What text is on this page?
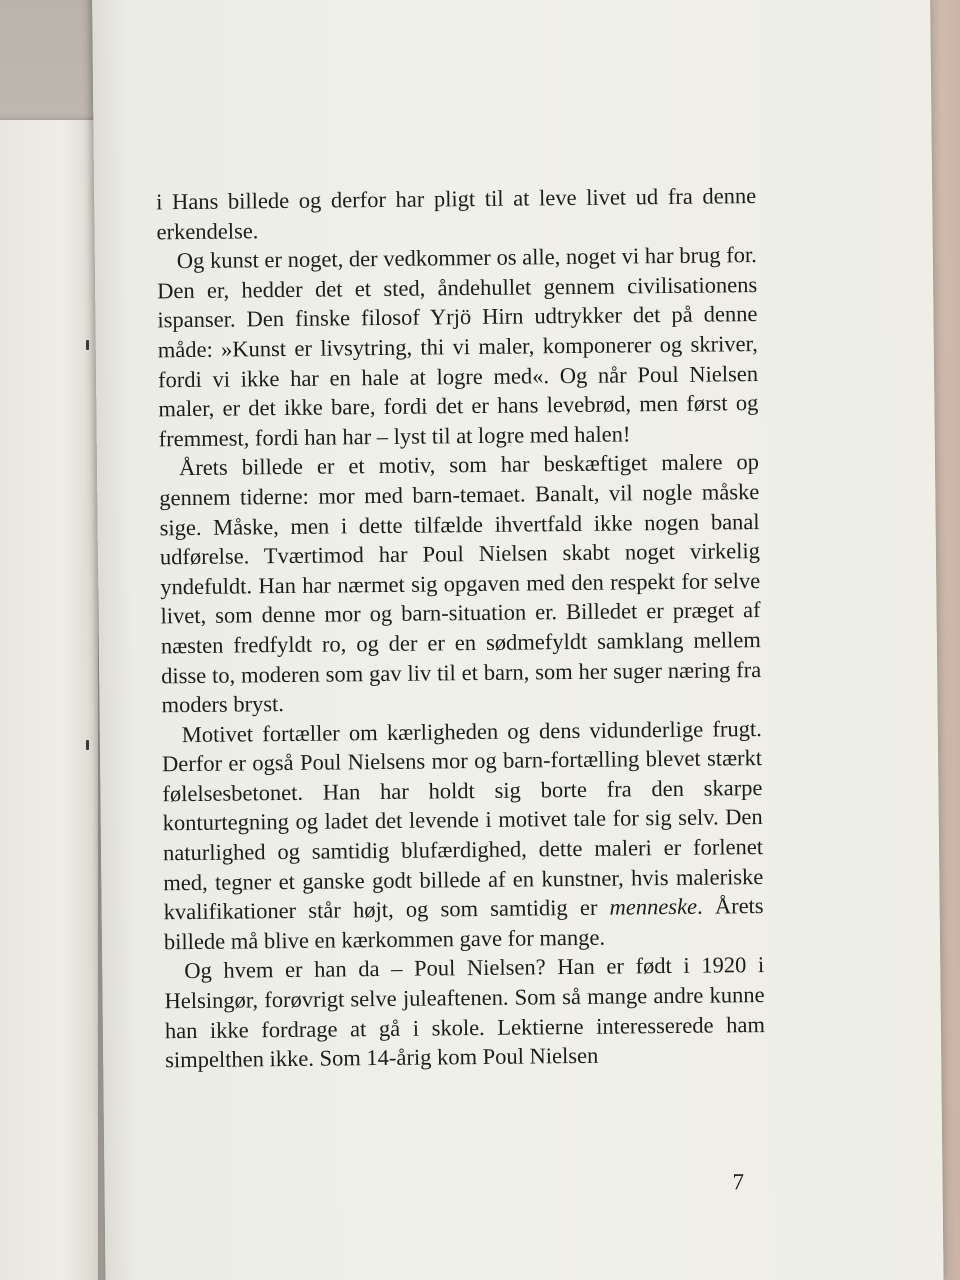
i Hans billede og derfor har pligt til at leve livet ud fra denne erkendelse.

Og kunst er noget, der vedkommer os alle, noget vi har brug for. Den er, hedder det et sted, åndehullet gennem civilisationens ispanser. Den finske filosof Yrjö Hirn udtrykker det på denne måde: »Kunst er livsytring, thi vi maler, komponerer og skriver, fordi vi ikke har en hale at logre med«. Og når Poul Nielsen maler, er det ikke bare, fordi det er hans levebrød, men først og fremmest, fordi han har – lyst til at logre med halen!

Årets billede er et motiv, som har beskæftiget malere op gennem tiderne: mor med barn-temaet. Banalt, vil nogle måske sige. Måske, men i dette tilfælde ihvertfald ikke nogen banal udførelse. Tværtimod har Poul Nielsen skabt noget virkelig yndefuldt. Han har nærmet sig opgaven med den respekt for selve livet, som denne mor og barn-situation er. Billedet er præget af næsten fredfyldt ro, og der er en sødmefyldt samklang mellem disse to, moderen som gav liv til et barn, som her suger næring fra moders bryst.

Motivet fortæller om kærligheden og dens vidunderlige frugt. Derfor er også Poul Nielsens mor og barn-fortælling blevet stærkt følelsesbetonet. Han har holdt sig borte fra den skarpe konturtegning og ladet det levende i motivet tale for sig selv. Den naturlighed og samtidig blufærdighed, dette maleri er forlenet med, tegner et ganske godt billede af en kunstner, hvis maleriske kvalifikationer står højt, og som samtidig er menneske. Årets billede må blive en kærkommen gave for mange.

Og hvem er han da – Poul Nielsen? Han er født i 1920 i Helsingør, forøvrigt selve juleaftenen. Som så mange andre kunne han ikke fordrage at gå i skole. Lektierne interesserede ham simpelthen ikke. Som 14-årig kom Poul Nielsen

7
